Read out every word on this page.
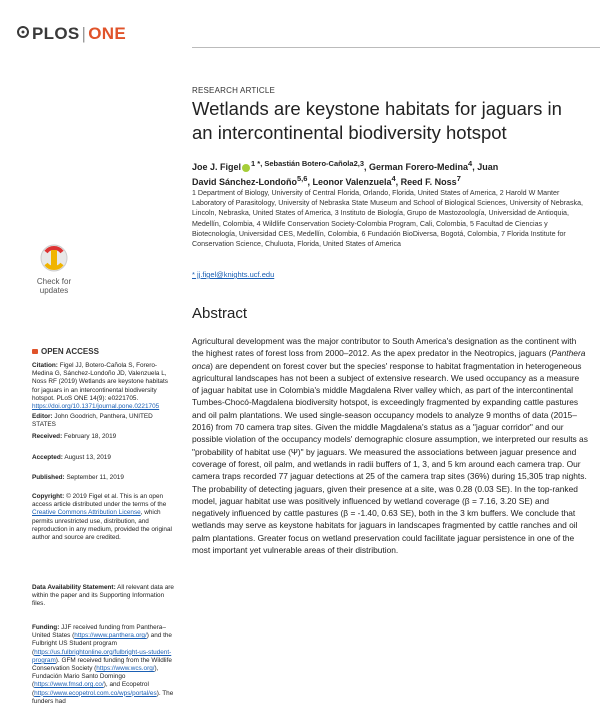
PLOS | ONE
RESEARCH ARTICLE
Wetlands are keystone habitats for jaguars in an intercontinental biodiversity hotspot
Joe J. Figel $^{1 *, Sebastián Botero-Cañola2,3}$, German Forero-Medina$^4$, Juan
David Sánchez-Londoño$^{5,6}$, Leonor Valenzuela$^4$, Reed F. Noss$^7$
1 Department of Biology, University of Central Florida, Orlando, Florida, United States of America, 2 Harold W Manter Laboratory of Parasitology, University of Nebraska State Museum and School of Biological Sciences, University of Nebraska, Lincoln, Nebraska, United States of America, 3 Instituto de Biología, Grupo de Mastozoología, Universidad de Antioquia, Medellín, Colombia, 4 Wildlife Conservation Society-Colombia Program, Cali, Colombia, 5 Facultad de Ciencias y Biotecnología, Universidad CES, Medellín, Colombia, 6 Fundación BioDiversa, Bogotá, Colombia, 7 Florida Institute for Conservation Science, Chuluota, Florida, United States of America
* jj.figel@knights.ucf.edu
Abstract
Agricultural development was the major contributor to South America's designation as the continent with the highest rates of forest loss from 2000–2012. As the apex predator in the Neotropics, jaguars (Panthera onca) are dependent on forest cover but the species' response to habitat fragmentation in heterogeneous agricultural landscapes has not been a subject of extensive research. We used occupancy as a measure of jaguar habitat use in Colombia's middle Magdalena River valley which, as part of the intercontinental Tumbes-Chocó-Magdalena biodiversity hotspot, is exceedingly fragmented by expanding cattle pastures and oil palm plantations. We used single-season occupancy models to analyze 9 months of data (2015–2016) from 70 camera trap sites. Given the middle Magdalena's status as a "jaguar corridor" and our possible violation of the occupancy models' demographic closure assumption, we interpreted our results as "probability of habitat use (Ψ)" by jaguars. We measured the associations between jaguar presence and coverage of forest, oil palm, and wetlands in radii buffers of 1, 3, and 5 km around each camera trap. Our camera traps recorded 77 jaguar detections at 25 of the camera trap sites (36%) during 15,305 trap nights. The probability of detecting jaguars, given their presence at a site, was 0.28 (0.03 SE). In the top-ranked model, jaguar habitat use was positively influenced by wetland coverage (β = 7.16, 3.20 SE) and negatively influenced by cattle pastures (β = -1.40, 0.63 SE), both in the 3 km buffers. We conclude that wetlands may serve as keystone habitats for jaguars in landscapes fragmented by cattle ranches and oil palm plantations. Greater focus on wetland preservation could facilitate jaguar persistence in one of the most important yet vulnerable areas of their distribution.
Check for
updates
OPEN ACCESS
Citation: Figel JJ, Botero-Cañola S, Forero-Medina G, Sánchez-Londoño JD, Valenzuela L, Noss RF (2019) Wetlands are keystone habitats for jaguars in an intercontinental biodiversity hotspot. PLoS ONE 14(9): e0221705. https://doi.org/10.1371/journal.pone.0221705
Editor: John Goodrich, Panthera, UNITED STATES
Received: February 18, 2019
Accepted: August 13, 2019
Published: September 11, 2019
Copyright: © 2019 Figel et al. This is an open access article distributed under the terms of the Creative Commons Attribution License, which permits unrestricted use, distribution, and reproduction in any medium, provided the original author and source are credited.
Data Availability Statement: All relevant data are within the paper and its Supporting Information files.
Funding: JJF received funding from Panthera–United States (https://www.panthera.org/) and the Fulbright US Student program (https://us.fulbrightonline.org/fulbright-us-student-program). GFM received funding from the Wildlife Conservation Society (https://www.wcs.org/), Fundación Mario Santo Domingo (https://www.fmsd.org.co/), and Ecopetrol (https://www.ecopetrol.com.co/wps/portal/es). The funders had
